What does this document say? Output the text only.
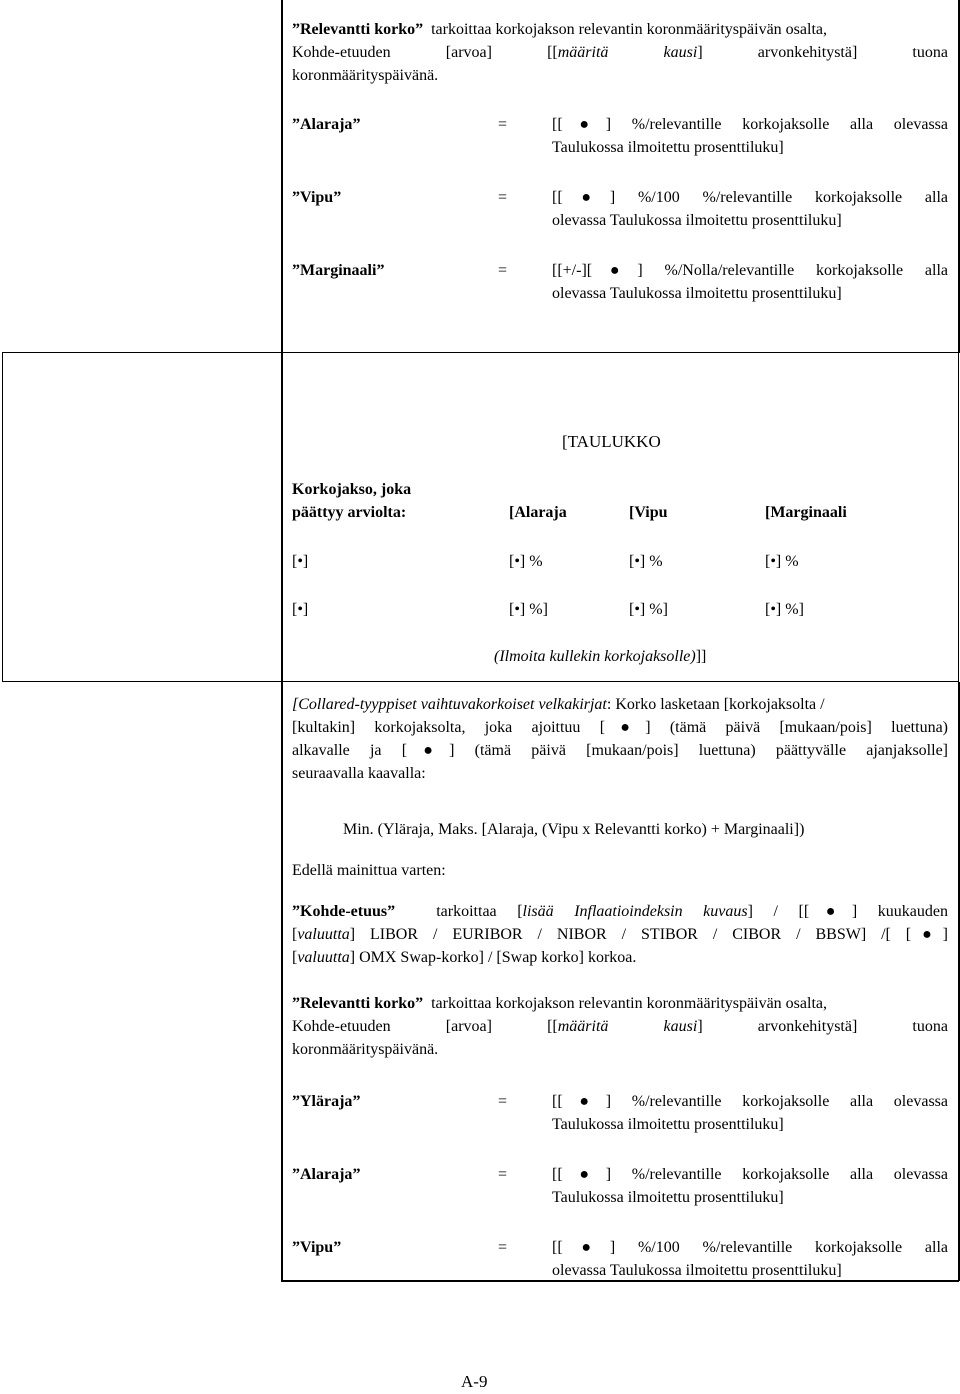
”Relevantti korko” tarkoittaa korkojakson relevantin koronmäärityspäivän osalta,
Kohde-etuuden	[arvoa]	[[määritä	kausi]	arvonkehitystä]	tuona
koronmäärityspäivänä.
”Alaraja”	=	[[●] %/relevantille korkojaksolle alla olevassa
Taulukossa ilmoitettu prosenttiluku]
”Vipu”	=	[[●] %/100 %/relevantille korkojaksolle alla
olevassa Taulukossa ilmoitettu prosenttiluku]
”Marginaali”	=	[[+/-][●] %/Nolla/relevantille korkojaksolle alla
olevassa Taulukossa ilmoitettu prosenttiluku]
[TAULUKKO
Korkojakso, joka
päättyy arviolta:	[Alaraja	[Vipu	[Marginaali
[•]	[•] %	[•] %	[•] %
[•]	[•] %]	[•] %]	[•] %]
(Ilmoita kullekin korkojaksolle)]]
[Collared-tyyppiset vaihtuvakorkoiset velkakirjat: Korko lasketaan [korkojaksolta /
[kultakin] korkojaksolta, joka ajoittuu [●] (tämä päivä [mukaan/pois] luettuna)
alkavalle ja [●] (tämä päivä [mukaan/pois] luettuna) päättyvälle ajanjaksolle]
seuraavalla kaavalla:
Min. (Yläraja, Maks. [Alaraja, (Vipu x Relevantti korko) + Marginaali])
Edellä mainittua varten:
”Kohde-etuus”	tarkoittaa [lisää Inflaatioindeksin kuvaus] / [[●] kuukauden
[valuutta] LIBOR / EURIBOR / NIBOR / STIBOR / CIBOR / BBSW] /[ [●]
[valuutta] OMX Swap-korko] / [Swap korko] korkoa.
”Relevantti korko” tarkoittaa korkojakson relevantin koronmäärityspäivän osalta,
Kohde-etuuden	[arvoa]	[[määritä	kausi]	arvonkehitystä]	tuona
koronmäärityspäivänä.
”Yläraja”	=	[[●] %/relevantille korkojaksolle alla olevassa
Taulukossa ilmoitettu prosenttiluku]
”Alaraja”	=	[[●] %/relevantille korkojaksolle alla olevassa
Taulukossa ilmoitettu prosenttiluku]
”Vipu”	=	[[●] %/100 %/relevantille korkojaksolle alla
olevassa Taulukossa ilmoitettu prosenttiluku]
A-9
